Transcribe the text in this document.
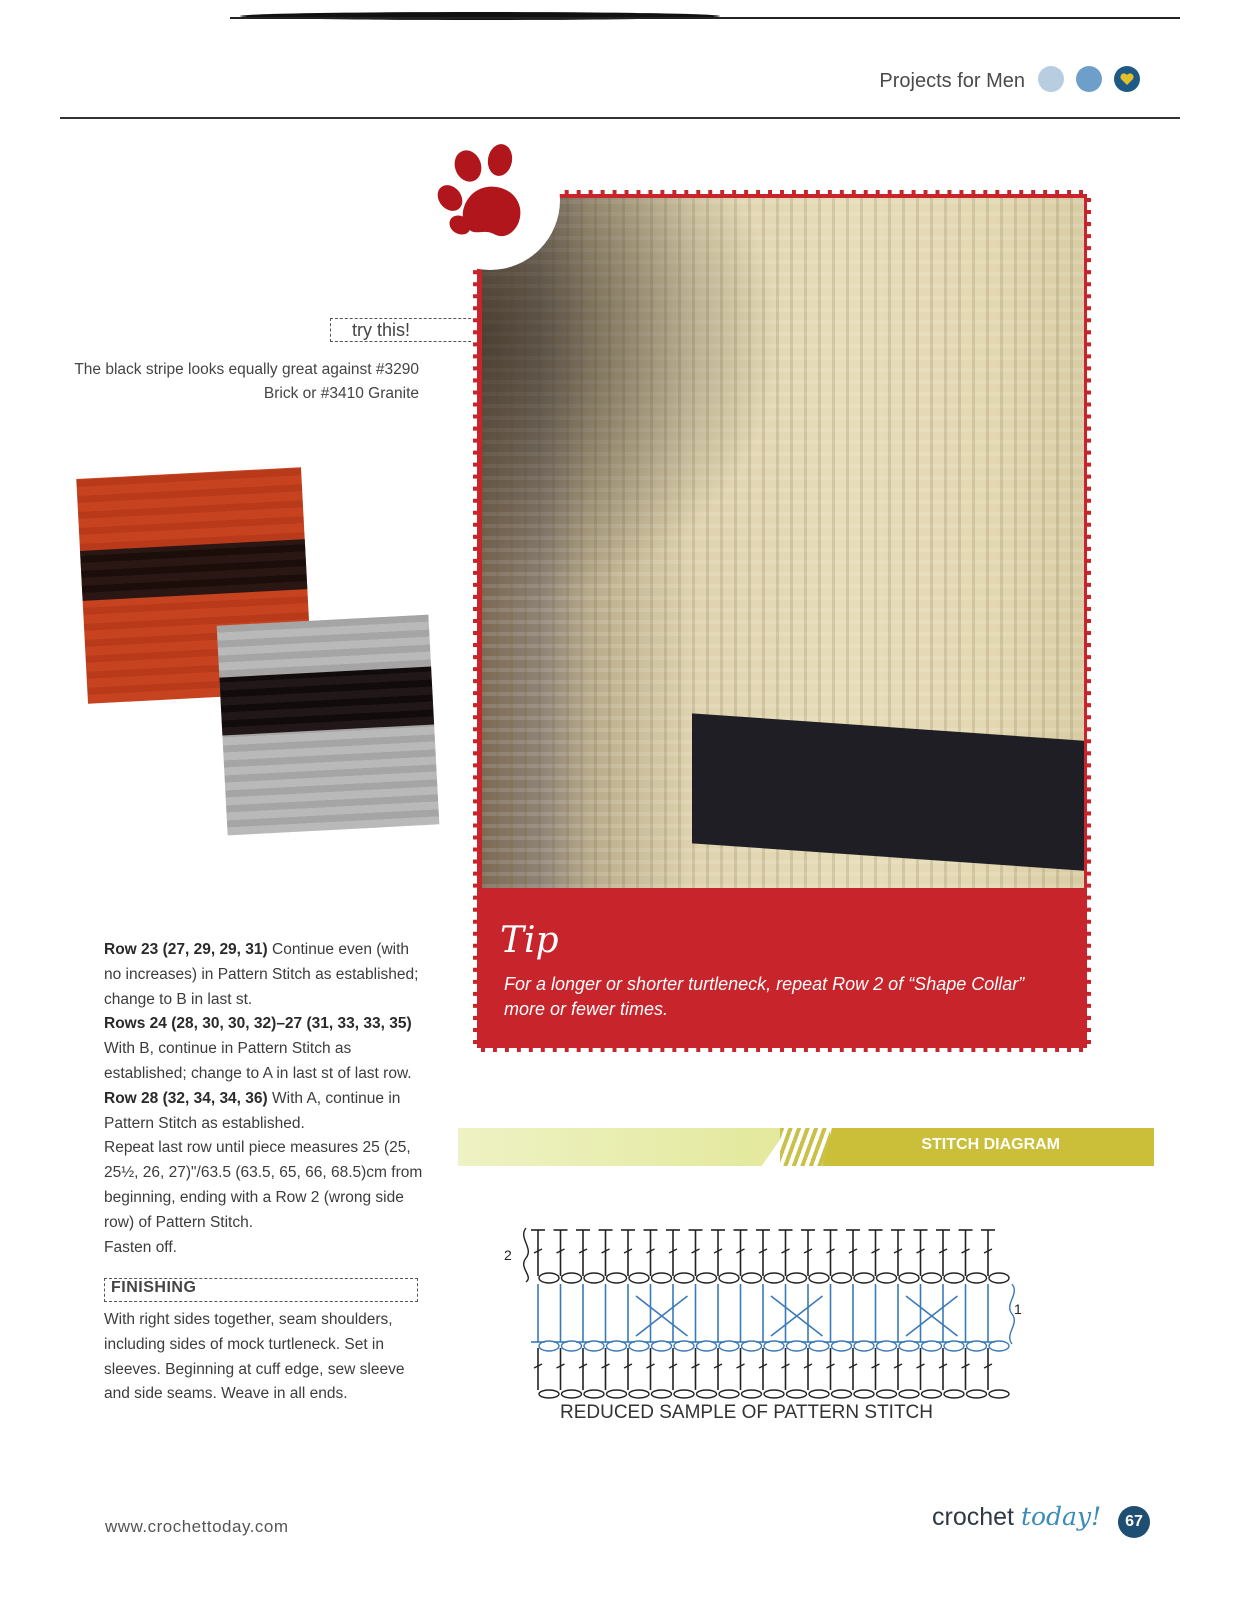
Projects for Men
try this!
The black stripe looks equally great against #3290 Brick or #3410 Granite
Tip
For a longer or shorter turtleneck, repeat Row 2 of “Shape Collar” more or fewer times.
Row 23 (27, 29, 29, 31) Continue even (with no increases) in Pattern Stitch as established; change to B in last st.
Rows 24 (28, 30, 30, 32)–27 (31, 33, 33, 35) With B, continue in Pattern Stitch as established; change to A in last st of last row.
Row 28 (32, 34, 34, 36) With A, continue in Pattern Stitch as established.
Repeat last row until piece measures 25 (25, 25½, 26, 27)"/63.5 (63.5, 65, 66, 68.5)cm from beginning, ending with a Row 2 (wrong side row) of Pattern Stitch.
Fasten off.
FINISHING
With right sides together, seam shoulders, including sides of mock turtleneck. Set in sleeves. Beginning at cuff edge, sew sleeve and side seams. Weave in all ends.
STITCH DIAGRAM
2
1
REDUCED SAMPLE OF PATTERN STITCH
www.crochettoday.com	crochet today!	67
